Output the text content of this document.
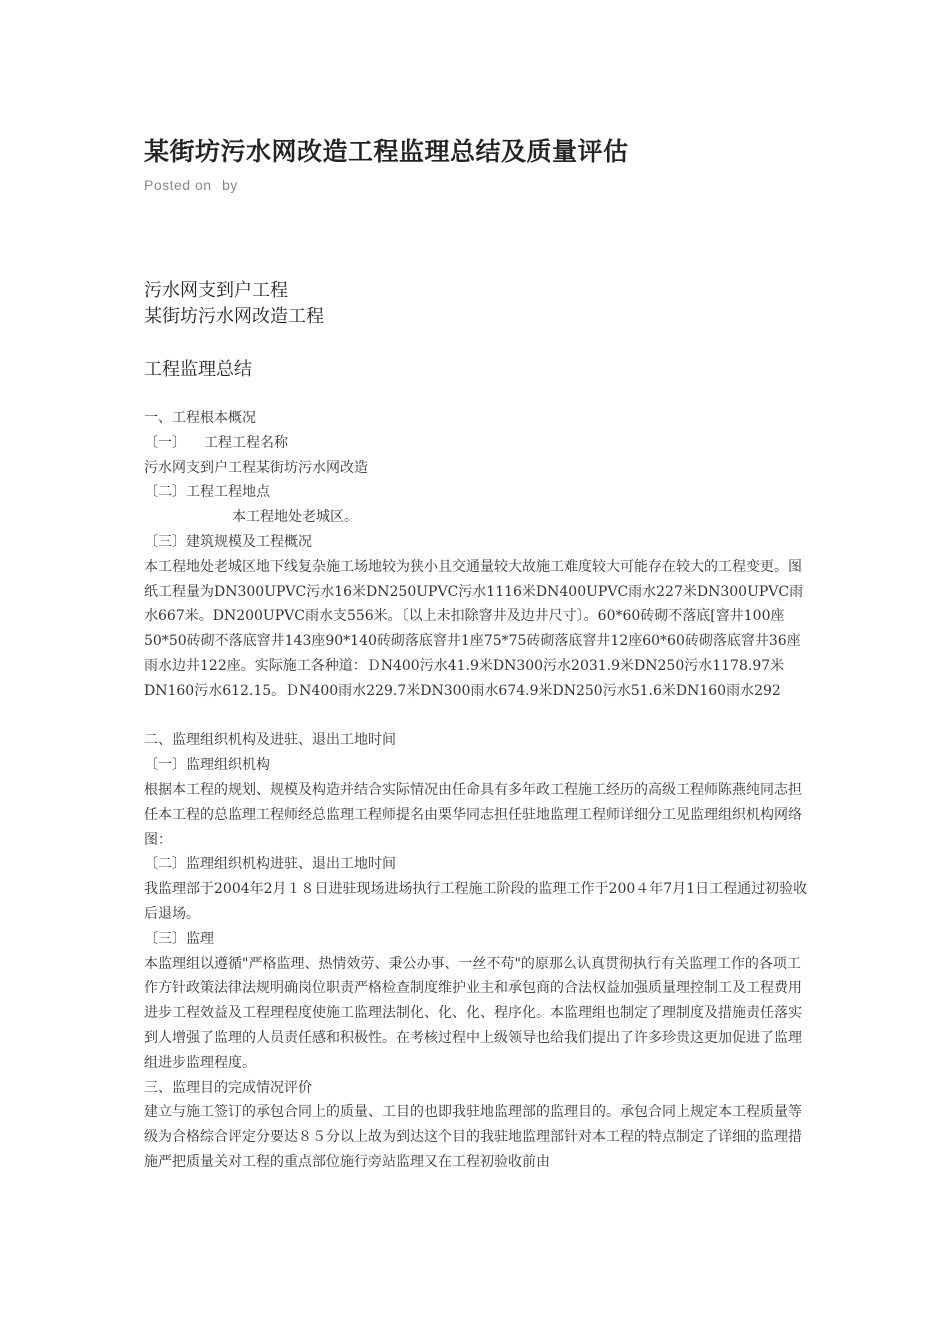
某街坊污水网改造工程监理总结及质量评估
Posted on by
污水网支到户工程
某街坊污水网改造工程
工程监理总结

一、工程根本概况

〔一〕 工程工程名称

污水网支到户工程某街坊污水网改造

〔二〕工程工程地点

本工程地处老城区。

〔三〕建筑规模及工程概况

本工程地处老城区地下线复杂施工场地较为狭小且交通量较大故施工难度较大可能存在较大的工程变更。图纸工程量为DN300UPVC污水16米DN250UPVC污水1116米DN400UPVC雨水227米DN300UPVC雨水667米。DN200UPVC雨水支556米。〔以上未扣除窨井及边井尺寸〕。60*60砖砌不落底[窨井100座50*50砖砌不落底窨井143座90*140砖砌落底窨井1座75*75砖砌落底窨井12座60*60砖砌落底窨井36座雨水边井122座。实际施工各种道：ＤN400污水41.9米DN300污水2031.9米DN250污水1178.97米DN160污水612.15。ＤN400雨水229.7米DN300雨水674.9米DN250污水51.6米DN160雨水292

二、监理组织机构及进驻、退出工地时间

〔一〕监理组织机构

根据本工程的规划、规模及构造并结合实际情况由任命具有多年政工程施工经历的高级工程师陈燕纯同志担任本工程的总监理工程师经总监理工程师提名由栗华同志担任驻地监理工程师详细分工见监理组织机构网络图：

〔二〕监理组织机构进驻、退出工地时间

我监理部于2004年2月１８日进驻现场进场执行工程施工阶段的监理工作于200４年7月1日工程通过初验收后退场。

〔三〕监理

本监理组以遵循"严格监理、热情效劳、秉公办事、一丝不苟"的原那么认真贯彻执行有关监理工作的各项工作方针政策法律法规明确岗位职责严格检查制度维护业主和承包商的合法权益加强质量理控制工及工程费用进步工程效益及工程理程度使施工监理法制化、化、化、程序化。本监理组也制定了理制度及措施责任落实到人增强了监理的人员责任感和积极性。在考核过程中上级领导也给我们提出了许多珍贵这更加促进了监理组进步监理程度。

三、监理目的完成情况评价

建立与施工签订的承包合同上的质量、工目的也即我驻地监理部的监理目的。承包合同上规定本工程质量等级为合格综合评定分要达８５分以上故为到达这个目的我驻地监理部针对本工程的特点制定了详细的监理措施严把质量关对工程的重点部位施行旁站监理又在工程初验收前由
